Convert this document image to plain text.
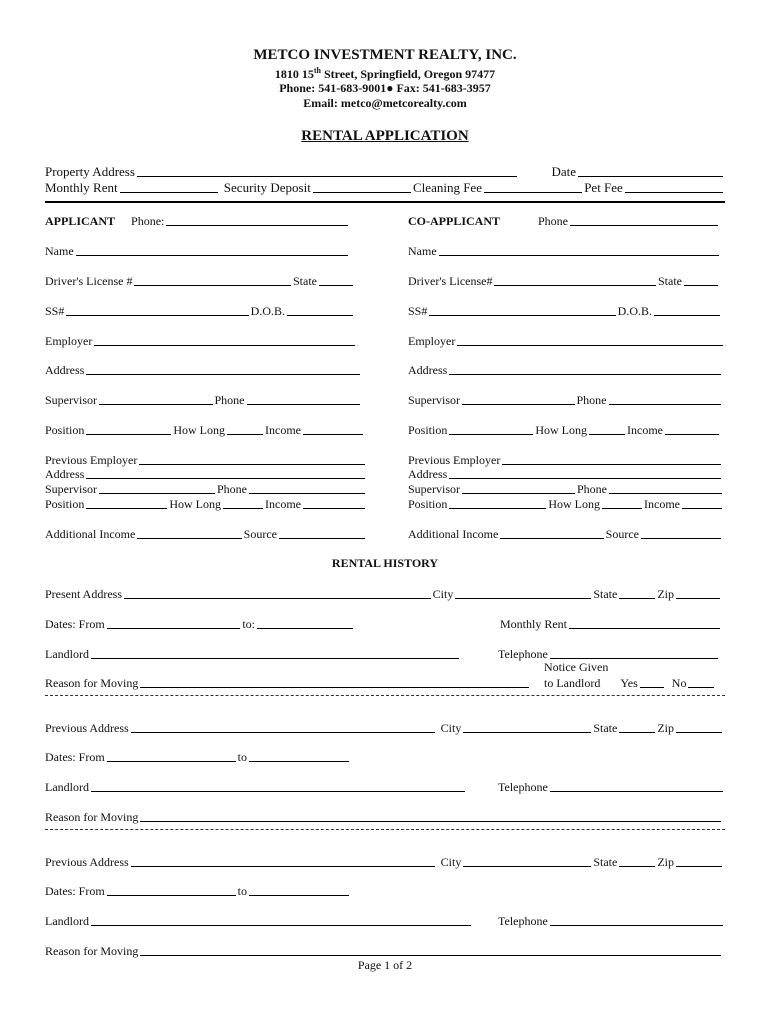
METCO INVESTMENT REALTY, INC.
1810 15th Street, Springfield, Oregon 97477
Phone: 541-683-9001● Fax: 541-683-3957
Email: metco@metcorealty.com
RENTAL APPLICATION
Property Address	Date
Monthly Rent	Security Deposit	Cleaning Fee	Pet Fee
APPLICANT Phone:
Name
Driver's License #	State
SS#	D.O.B.
Employer
Address
Supervisor	Phone
Position	How Long	Income
Previous Employer
Address
Supervisor	Phone
Position	How Long	Income
Additional Income	Source
CO-APPLICANT	Phone
Name
Driver's License#	State
SS#	D.O.B.
Employer
Address
Supervisor	Phone
Position	How Long	Income
Previous Employer
Address
Supervisor	Phone
Position	How Long	Income
Additional Income	Source
RENTAL HISTORY
Present Address	City	State	Zip
Dates: From	to:	Monthly Rent
Landlord	Telephone
Notice Given
Reason for Moving	to Landlord Yes	No
Previous Address	City	State	Zip
Dates: From	to
Landlord	Telephone
Reason for Moving
Previous Address	City	State	Zip
Dates: From	to
Landlord	Telephone
Reason for Moving
Page 1 of 2
